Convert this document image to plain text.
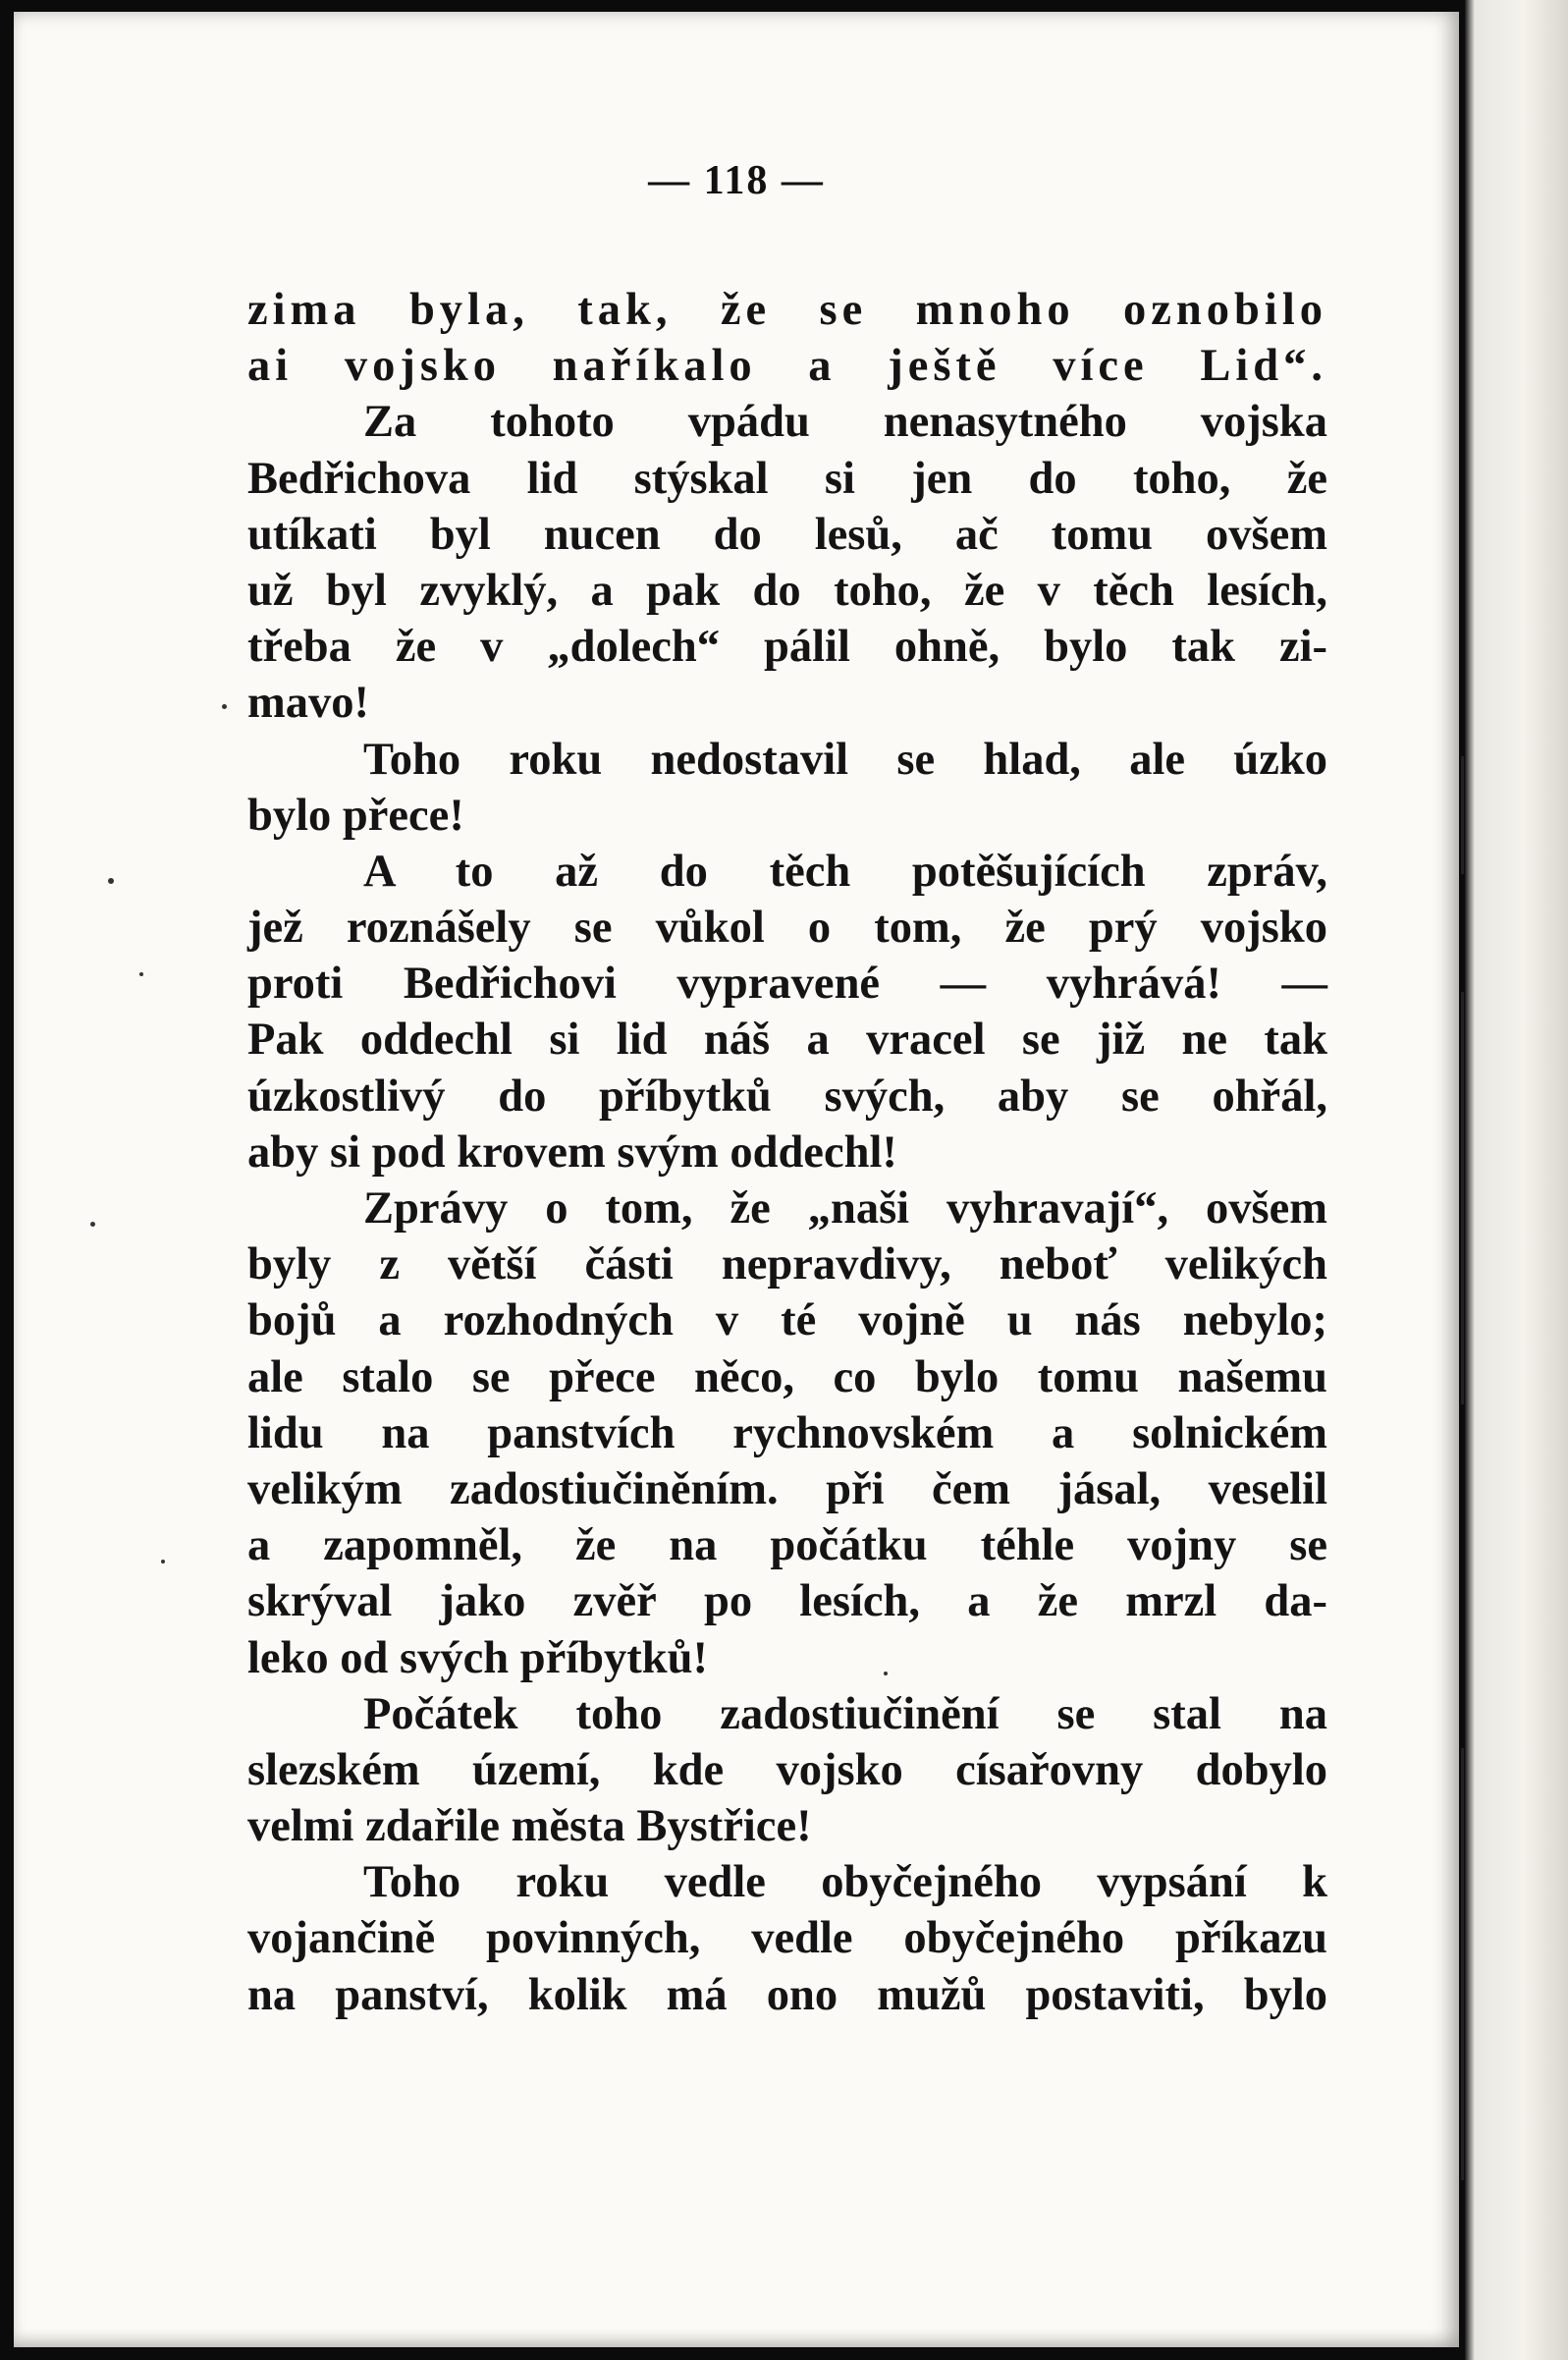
— 118 —
zima byla, tak, že se mnoho oznobilo
ai vojsko naříkalo a ještě více Lid“.
Za tohoto vpádu nenasytného vojska
Bedřichova lid stýskal si jen do toho, že
utíkati byl nucen do lesů, ač tomu ovšem
už byl zvyklý, a pak do toho, že v těch lesích,
třeba že v „dolech“ pálil ohně, bylo tak zi-
mavo!
Toho roku nedostavil se hlad, ale úzko
bylo přece!
A to až do těch potěšujících zpráv,
jež roznášely se vůkol o tom, že prý vojsko
proti Bedřichovi vypravené — vyhrává! —
Pak oddechl si lid náš a vracel se již ne tak
úzkostlivý do příbytků svých, aby se ohřál,
aby si pod krovem svým oddechl!
Zprávy o tom, že „naši vyhravají“, ovšem
byly z větší části nepravdivy, neboť velikých
bojů a rozhodných v té vojně u nás nebylo;
ale stalo se přece něco, co bylo tomu našemu
lidu na panstvích rychnovském a solnickém
velikým zadostiučiněním. při čem jásal, veselil
a zapomněl, že na počátku téhle vojny se
skrýval jako zvěř po lesích, a že mrzl da-
leko od svých příbytků!
Počátek toho zadostiučinění se stal na
slezském území, kde vojsko císařovny dobylo
velmi zdařile města Bystřice!
Toho roku vedle obyčejného vypsání k
vojančině povinných, vedle obyčejného příkazu
na panství, kolik má ono mužů postaviti, bylo
